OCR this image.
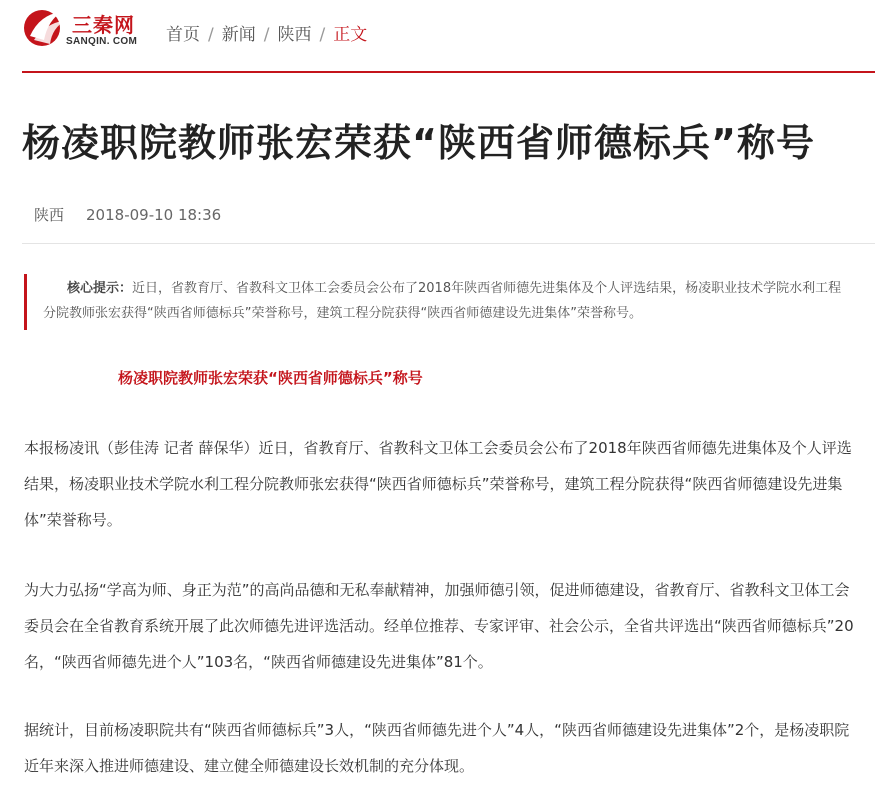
三秦网
SANQIN. COM 首页 / 新闻 / 陕西 / 正文
杨凌职院教师张宏荣获“陕西省师德标兵”称号
陕西 2018-09-10 18:36
核心提示：近日，省教育厅、省教科文卫体工会委员会公布了2018年陕西省师德先进集体及个人评选结果，杨凌职业技术学院水利工程分院教师张宏获得“陕西省师德标兵”荣誉称号，建筑工程分院获得“陕西省师德建设先进集体”荣誉称号。
杨凌职院教师张宏荣获“陕西省师德标兵”称号

本报杨凌讯（彭佳涛 记者 薛保华）近日，省教育厅、省教科文卫体工会委员会公布了2018年陕西省师德先进集体及个人评选结果，杨凌职业技术学院水利工程分院教师张宏获得“陕西省师德标兵”荣誉称号，建筑工程分院获得“陕西省师德建设先进集体”荣誉称号。

为大力弘扬“学高为师、身正为范”的高尚品德和无私奉献精神，加强师德引领，促进师德建设，省教育厅、省教科文卫体工会委员会在全省教育系统开展了此次师德先进评选活动。经单位推荐、专家评审、社会公示，全省共评选出“陕西省师德标兵”20名，“陕西省师德先进个人”103名，“陕西省师德建设先进集体”81个。

据统计，目前杨凌职院共有“陕西省师德标兵”3人，“陕西省师德先进个人”4人，“陕西省师德建设先进集体”2个，是杨凌职院近年来深入推进师德建设、建立健全师德建设长效机制的充分体现。
